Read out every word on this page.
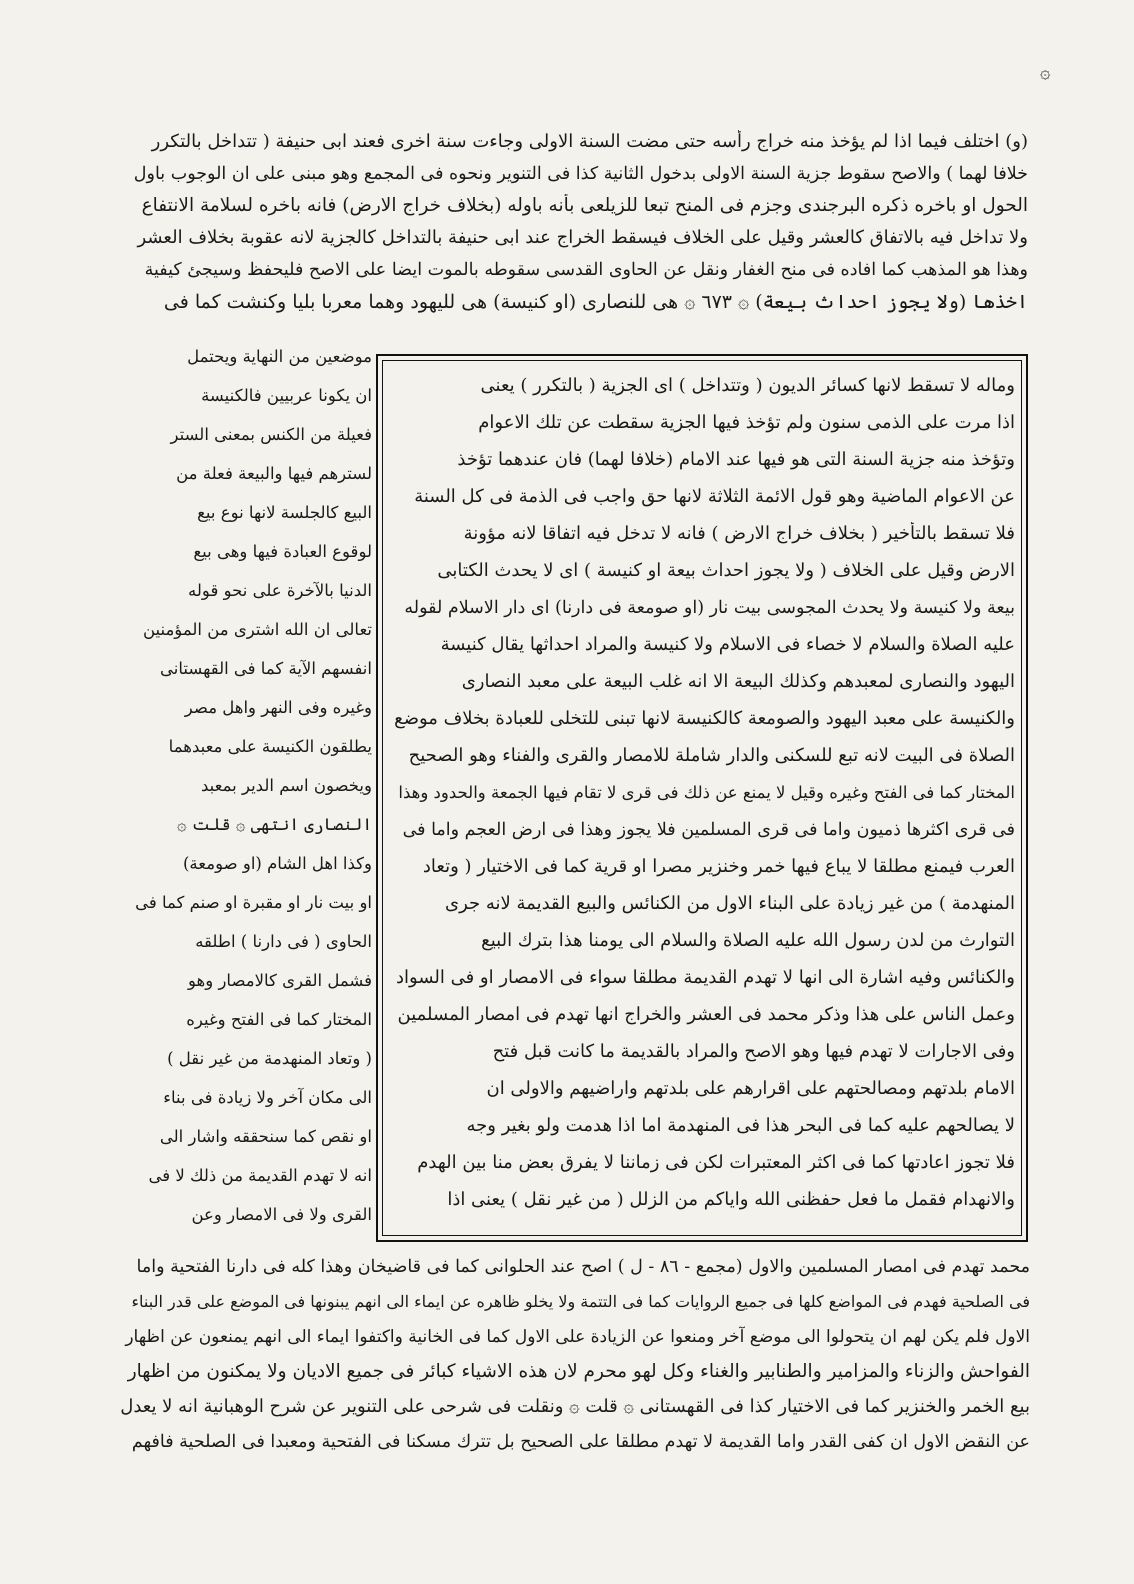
۞
(و) اختلف فيما اذا لم يؤخذ منه خراج رأسه حتى مضت السنة الاولى وجاءت سنة اخرى فعند ابى حنيفة ( تتداخل بالتكرر
خلافا لهما ) والاصح سقوط جزية السنة الاولى بدخول الثانية كذا فى التنوير ونحوه فى المجمع وهو مبنى على ان الوجوب باول
الحول او باخره ذكره البرجندى وجزم فى المنح تبعا للزيلعى بأنه باوله (بخلاف خراج الارض) فانه باخره لسلامة الانتفاع
ولا تداخل فيه بالاتفاق كالعشر وقيل على الخلاف فيسقط الخراج عند ابى حنيفة بالتداخل كالجزية لانه عقوبة بخلاف العشر
وهذا هو المذهب كما افاده فى منح الغفار ونقل عن الحاوى القدسى سقوطه بالموت ايضا على الاصح فليحفظ وسيجئ كيفية
اخذها (ولا يجوز احداث بيعة) ۞ ٦٧٣ ۞ هى للنصارى (او كنيسة) هى لليهود وهما معربا بليا وكنشت كما فى
موضعين من النهاية ويحتمل
ان يكونا عربيين فالكنيسة
فعيلة من الكنس بمعنى الستر
لسترهم فيها والبيعة فعلة من
البيع كالجلسة لانها نوع بيع
لوقوع العبادة فيها وهى بيع
الدنيا بالآخرة على نحو قوله
تعالى ان الله اشترى من المؤمنين
انفسهم الآية كما فى القهستانى
وغيره وفى النهر واهل مصر
يطلقون الكنيسة على معبدهما
ويخصون اسم الدير بمعبد
النصارى انتهى ۞ قلت ۞
وكذا اهل الشام (او صومعة)
او بيت نار او مقبرة او صنم كما فى
الحاوى ( فى دارنا ) اطلقه
فشمل القرى كالامصار وهو
المختار كما فى الفتح وغيره
( وتعاد المنهدمة من غير نقل )
الى مكان آخر ولا زيادة فى بناء
او نقص كما سنحققه واشار الى
انه لا تهدم القديمة من ذلك لا فى
القرى ولا فى الامصار وعن
وماله لا تسقط لانها كسائر الديون ( وتتداخل ) اى الجزية ( بالتكرر ) يعنى
اذا مرت على الذمى سنون ولم تؤخذ فيها الجزية سقطت عن تلك الاعوام
وتؤخذ منه جزية السنة التى هو فيها عند الامام (خلافا لهما) فان عندهما تؤخذ
عن الاعوام الماضية وهو قول الائمة الثلاثة لانها حق واجب فى الذمة فى كل السنة
فلا تسقط بالتأخير ( بخلاف خراج الارض ) فانه لا تدخل فيه اتفاقا لانه مؤونة
الارض وقيل على الخلاف ( ولا يجوز احداث بيعة او كنيسة ) اى لا يحدث الكتابى
بيعة ولا كنيسة ولا يحدث المجوسى بيت نار (او صومعة فى دارنا) اى دار الاسلام لقوله
عليه الصلاة والسلام لا خصاء فى الاسلام ولا كنيسة والمراد احداثها يقال كنيسة
اليهود والنصارى لمعبدهم وكذلك البيعة الا انه غلب البيعة على معبد النصارى
والكنيسة على معبد اليهود والصومعة كالكنيسة لانها تبنى للتخلى للعبادة بخلاف موضع
الصلاة فى البيت لانه تبع للسكنى والدار شاملة للامصار والقرى والفناء وهو الصحيح
المختار كما فى الفتح وغيره وقيل لا يمنع عن ذلك فى قرى لا تقام فيها الجمعة والحدود وهذا
فى قرى اكثرها ذميون واما فى قرى المسلمين فلا يجوز وهذا فى ارض العجم واما فى
العرب فيمنع مطلقا لا يباع فيها خمر وخنزير مصرا او قرية كما فى الاختيار ( وتعاد
المنهدمة ) من غير زيادة على البناء الاول من الكنائس والبيع القديمة لانه جرى
التوارث من لدن رسول الله عليه الصلاة والسلام الى يومنا هذا بترك البيع
والكنائس وفيه اشارة الى انها لا تهدم القديمة مطلقا سواء فى الامصار او فى السواد
وعمل الناس على هذا وذكر محمد فى العشر والخراج انها تهدم فى امصار المسلمين
وفى الاجارات لا تهدم فيها وهو الاصح والمراد بالقديمة ما كانت قبل فتح
الامام بلدتهم ومصالحتهم على اقرارهم على بلدتهم واراضيهم والاولى ان
لا يصالحهم عليه كما فى البحر هذا فى المنهدمة اما اذا هدمت ولو بغير وجه
فلا تجوز اعادتها كما فى اكثر المعتبرات لكن فى زماننا لا يفرق بعض منا بين الهدم
والانهدام فقمل ما فعل حفظنى الله واياكم من الزلل ( من غير نقل ) يعنى اذا
محمد تهدم فى امصار المسلمين والاول (مجمع - ٨٦ - ل ) اصح عند الحلوانى كما فى قاضيخان وهذا كله فى دارنا الفتحية واما
فى الصلحية فهدم فى المواضع كلها فى جميع الروايات كما فى التتمة ولا يخلو ظاهره عن ايماء الى انهم يبنونها فى الموضع على قدر البناء
الاول فلم يكن لهم ان يتحولوا الى موضع آخر ومنعوا عن الزيادة على الاول كما فى الخانية واكتفوا ايماء الى انهم يمنعون عن اظهار
الفواحش والزناء والمزامير والطنابير والغناء وكل لهو محرم لان هذه الاشياء كبائر فى جميع الاديان ولا يمكنون من اظهار
بيع الخمر والخنزير كما فى الاختيار كذا فى القهستانى ۞ قلت ۞ ونقلت فى شرحى على التنوير عن شرح الوهبانية انه لا يعدل
عن النقض الاول ان كفى القدر واما القديمة لا تهدم مطلقا على الصحيح بل تترك مسكنا فى الفتحية ومعبدا فى الصلحية فافهم
